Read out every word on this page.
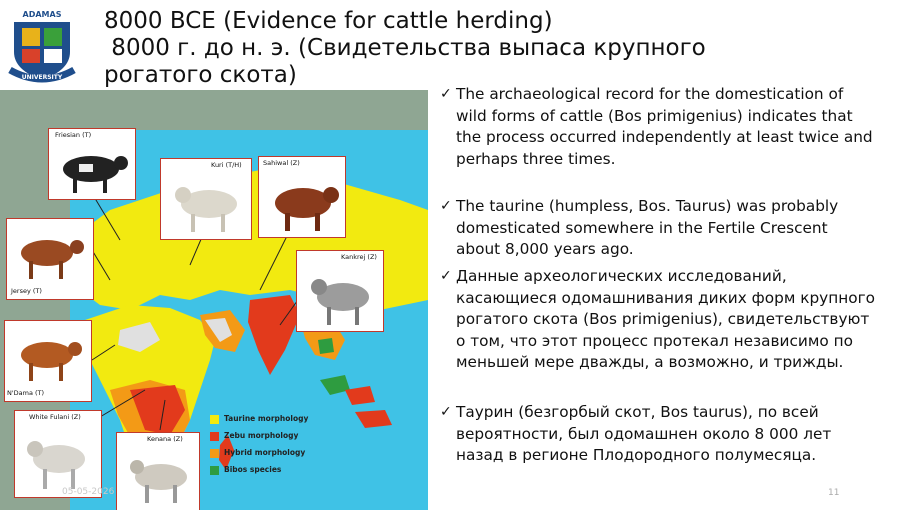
ADAMAS
UNIVERSITY
8000 BCE (Evidence for cattle herding)
8000 г. до н. э. (Свидетельства выпаса крупного
рогатого скота)
Friesian (T)
Kuri (T/H)	Sahiwal (Z)
Jersey (T)
Kankrej (Z)
N'Dama (T)
White Fulani (Z)
Kenana (Z)
Taurine morphology
Zebu morphology
Hybrid morphology
Bibos species
✓ The archaeological record for the domestication of wild forms of cattle (Bos primigenius) indicates that the process occurred independently at least twice and perhaps three times.
✓ The taurine (humpless, Bos. Taurus) was probably domesticated somewhere in the Fertile Crescent about 8,000 years ago.
✓ Данные археологических исследований, касающиеся одомашнивания диких форм крупного рогатого скота (Bos primigenius), свидетельствуют о том, что этот процесс протекал независимо по меньшей мере дважды, а возможно, и трижды.
✓ Таурин (безгорбый скот, Bos taurus), по всей вероятности, был одомашнен около 8 000 лет назад в регионе Плодородного полумесяца.
05-05-2026	11
